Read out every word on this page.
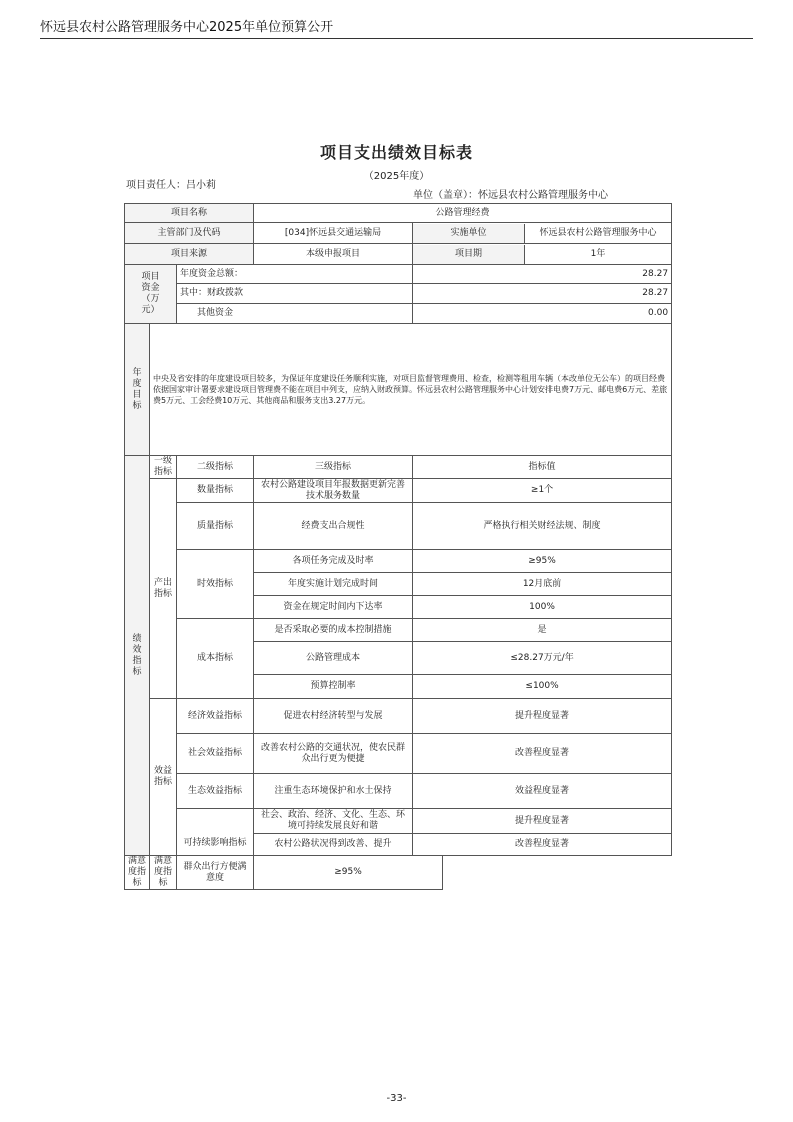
怀远县农村公路管理服务中心2025年单位预算公开
项目支出绩效目标表
（2025年度）
项目责任人：吕小莉
单位（盖章）：怀远县农村公路管理服务中心
项目名称	公路管理经费
主管部门及代码	[034]怀远县交通运输局		实施单位	怀远县农村公路管理服务中心

项目来源	本级申报项目		项目期	1年

项目资金（万元）	年度资金总额：	28.27
其中：财政拨款	28.27
其他资金	0.00
年度目标	中央及省安排的年度建设项目较多，为保证年度建设任务顺利实施，对项目监督管理费用、检查，检测等租用车辆（本改单位无公车）的项目经费依据国家审计署要求建设项目管理费不能在项目中列支，应纳入财政预算。怀远县农村公路管理服务中心计划安排电费7万元、邮电费6万元、差旅费5万元、工会经费10万元、其他商品和服务支出3.27万元。
绩效指标	一级指标	二级指标	三级指标	指标值
产出指标	数量指标	农村公路建设项目年报数据更新完善技术服务数量	≥1个
质量指标	经费支出合规性	严格执行相关财经法规、制度
时效指标	各项任务完成及时率	≥95%
年度实施计划完成时间	12月底前
资金在规定时间内下达率	100%
成本指标	是否采取必要的成本控制措施	是
公路管理成本	≤28.27万元/年
预算控制率	≤100%
效益指标	经济效益指标	促进农村经济转型与发展	提升程度显著
社会效益指标	改善农村公路的交通状况，使农民群众出行更为便捷	改善程度显著
生态效益指标	注重生态环境保护和水土保持	效益程度显著
可持续影响指标	社会、政治、经济、文化、生态、环境可持续发展良好和谐	提升程度显著
农村公路状况得到改善、提升	改善程度显著
满意度指标	满意度指标	群众出行方便满意度	≥95%
-33-
